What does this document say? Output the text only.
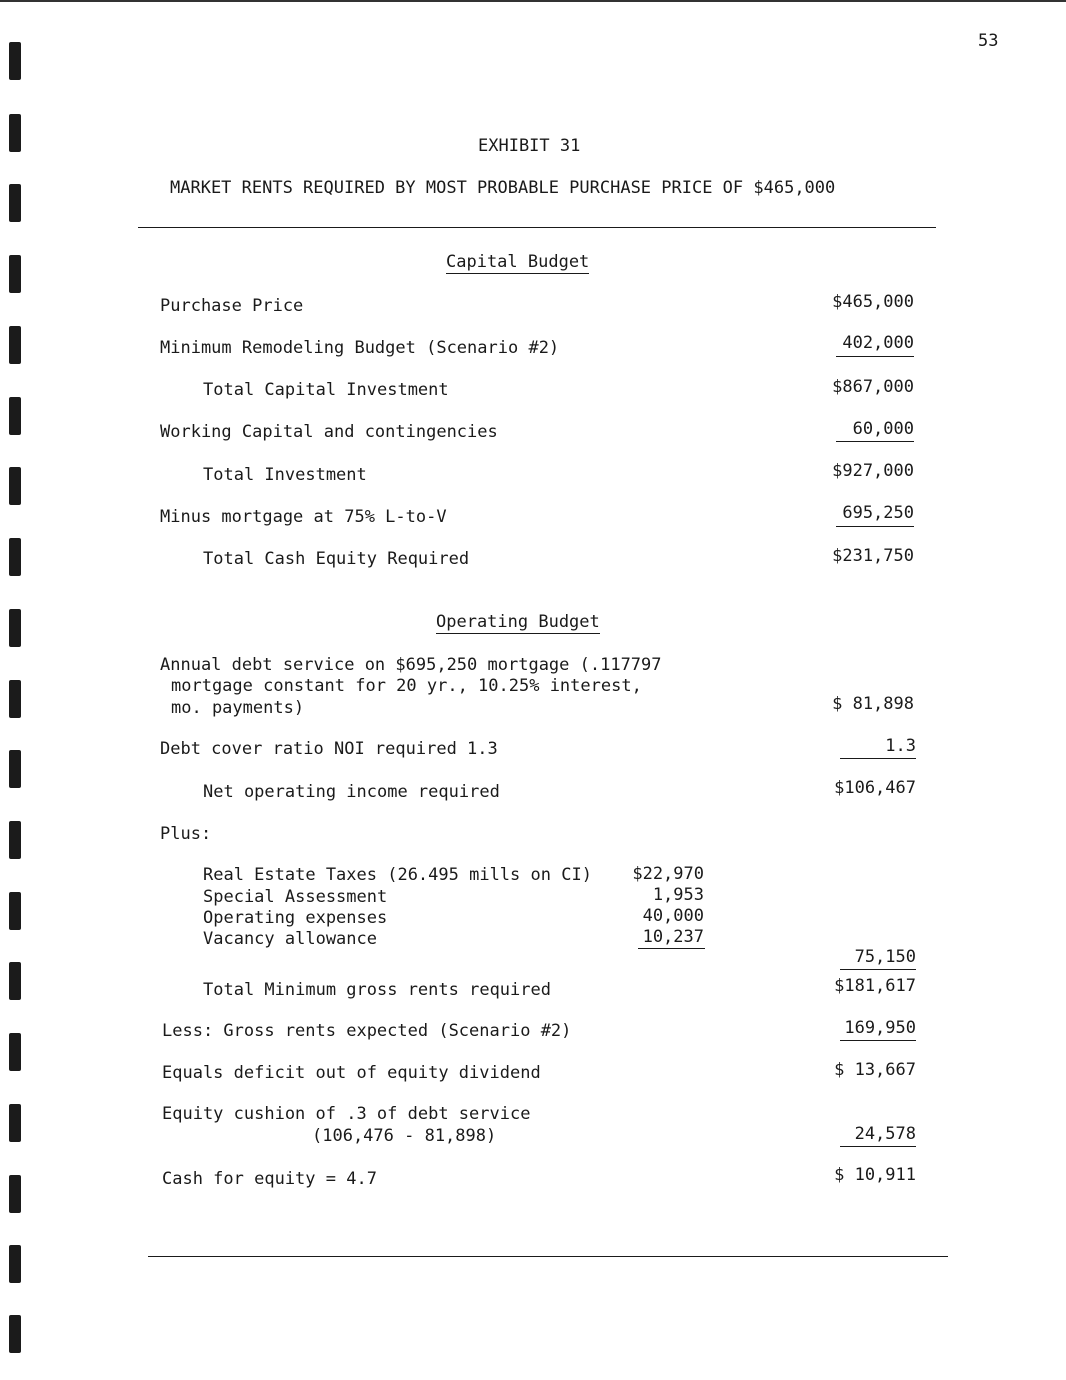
53
EXHIBIT 31
MARKET RENTS REQUIRED BY MOST PROBABLE PURCHASE PRICE OF $465,000
Capital Budget
Purchase Price	$465,000
Minimum Remodeling Budget (Scenario #2)	402,000
Total Capital Investment	$867,000
Working Capital and contingencies	60,000
Total Investment	$927,000
Minus mortgage at 75% L-to-V	695,250
Total Cash Equity Required	$231,750
Operating Budget
Annual debt service on $695,250 mortgage (.117797
mortgage constant for 20 yr., 10.25% interest,
mo. payments)	$ 81,898
Debt cover ratio NOI required 1.3	1.3
Net operating income required	$106,467
Plus:
Real Estate Taxes (26.495 mills on CI)	$22,970
Special Assessment	1,953
Operating expenses	40,000
Vacancy allowance	10,237
75,150
Total Minimum gross rents required	$181,617
Less: Gross rents expected (Scenario #2)	169,950
Equals deficit out of equity dividend	$ 13,667
Equity cushion of .3 of debt service
(106,476 - 81,898)	24,578
Cash for equity = 4.7	$ 10,911
